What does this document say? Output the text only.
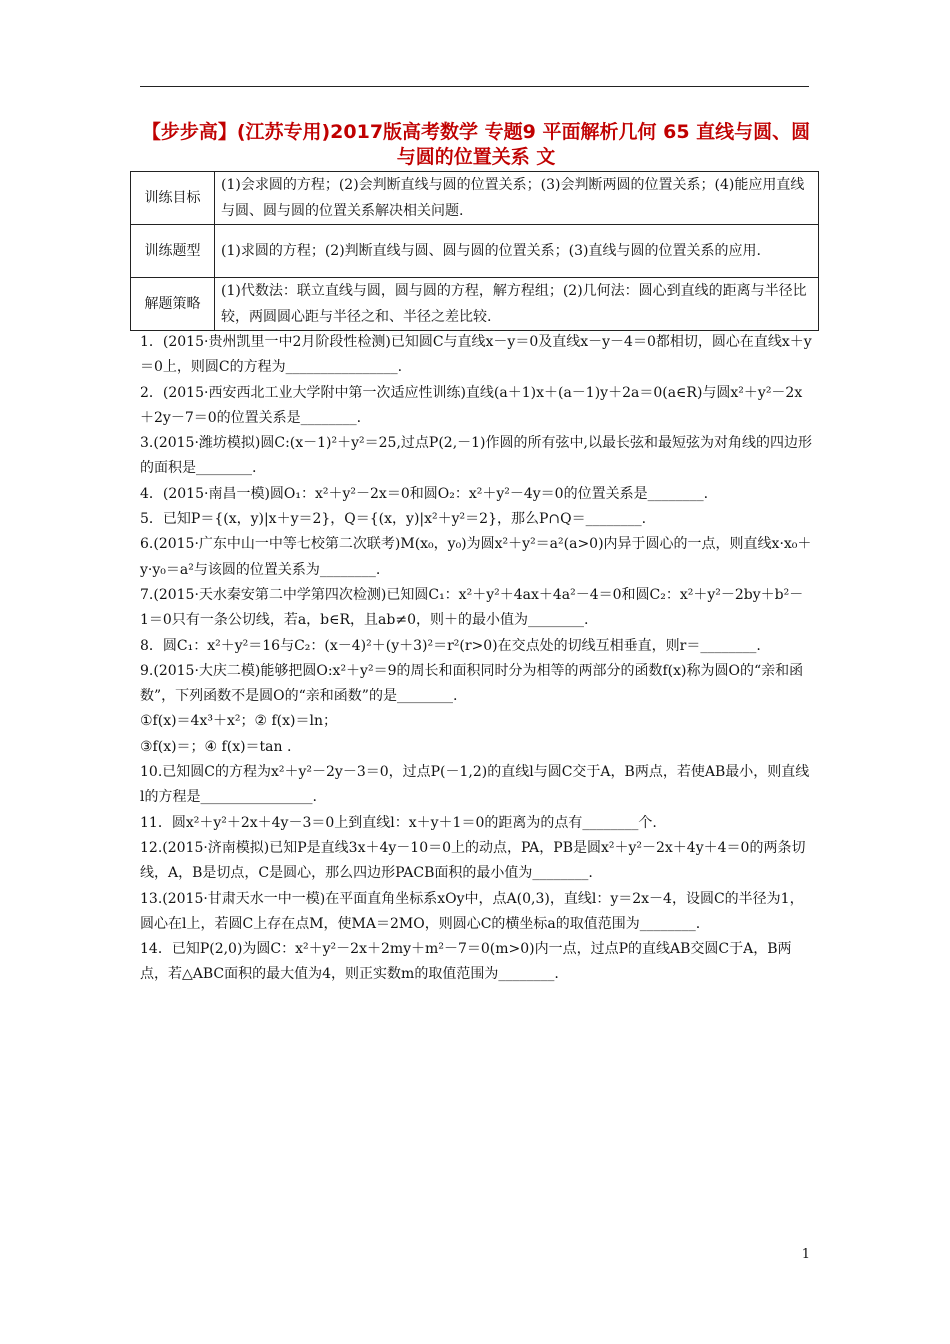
【步步高】(江苏专用)2017版高考数学 专题9 平面解析几何 65 直线与圆、圆与圆的位置关系 文
训练目标	(1)会求圆的方程；(2)会判断直线与圆的位置关系；(3)会判断两圆的位置关系；(4)能应用直线与圆、圆与圆的位置关系解决相关问题.
训练题型	(1)求圆的方程；(2)判断直线与圆、圆与圆的位置关系；(3)直线与圆的位置关系的应用.
解题策略	(1)代数法：联立直线与圆，圆与圆的方程，解方程组；(2)几何法：圆心到直线的距离与半径比较，两圆圆心距与半径之和、半径之差比较.
1．(2015·贵州凯里一中2月阶段性检测)已知圆C与直线x－y＝0及直线x－y－4＝0都相切，圆心在直线x＋y＝0上，则圆C的方程为________________.
2．(2015·西安西北工业大学附中第一次适应性训练)直线(a＋1)x＋(a－1)y＋2a＝0(a∈R)与圆x²＋y²－2x＋2y－7＝0的位置关系是________.
3.(2015·潍坊模拟)圆C:(x－1)²＋y²＝25,过点P(2,－1)作圆的所有弦中,以最长弦和最短弦为对角线的四边形的面积是________.
4．(2015·南昌一模)圆O₁：x²＋y²－2x＝0和圆O₂：x²＋y²－4y＝0的位置关系是________.
5．已知P＝{(x，y)|x＋y＝2}，Q＝{(x，y)|x²＋y²＝2}，那么P∩Q＝________.
6.(2015·广东中山一中等七校第二次联考)M(x₀，y₀)为圆x²＋y²＝a²(a>0)内异于圆心的一点，则直线x·x₀＋y·y₀＝a²与该圆的位置关系为________.
7.(2015·天水秦安第二中学第四次检测)已知圆C₁：x²＋y²＋4ax＋4a²－4＝0和圆C₂：x²＋y²－2by＋b²－1＝0只有一条公切线，若a，b∈R，且ab≠0，则＋的最小值为________.
8．圆C₁：x²＋y²＝16与C₂：(x－4)²＋(y＋3)²＝r²(r>0)在交点处的切线互相垂直，则r＝________.
9.(2015·大庆二模)能够把圆O:x²＋y²＝9的周长和面积同时分为相等的两部分的函数f(x)称为圆O的“亲和函数”，下列函数不是圆O的“亲和函数”的是________.
①f(x)＝4x³＋x²；② f(x)＝ln；
③f(x)＝；④ f(x)＝tan .
10.已知圆C的方程为x²＋y²－2y－3＝0，过点P(－1,2)的直线l与圆C交于A，B两点，若使AB最小，则直线l的方程是________________.
11．圆x²＋y²＋2x＋4y－3＝0上到直线l：x＋y＋1＝0的距离为的点有________个.
12.(2015·济南模拟)已知P是直线3x＋4y－10＝0上的动点，PA，PB是圆x²＋y²－2x＋4y＋4＝0的两条切线，A，B是切点，C是圆心，那么四边形PACB面积的最小值为________.
13.(2015·甘肃天水一中一模)在平面直角坐标系xOy中，点A(0,3)，直线l：y＝2x－4，设圆C的半径为1，圆心在l上，若圆C上存在点M，使MA＝2MO，则圆心C的横坐标a的取值范围为________.
14．已知P(2,0)为圆C：x²＋y²－2x＋2my＋m²－7＝0(m>0)内一点，过点P的直线AB交圆C于A，B两点，若△ABC面积的最大值为4，则正实数m的取值范围为________.
1
